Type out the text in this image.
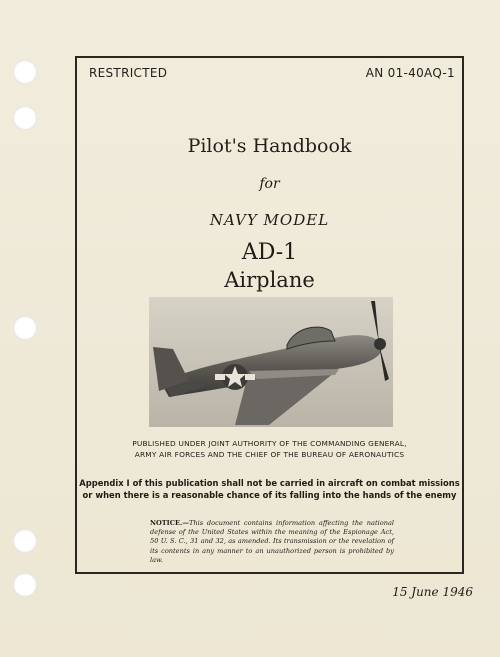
RESTRICTED	AN 01-40AQ-1
Pilot's Handbook
for
NAVY MODEL
AD-1
Airplane
PUBLISHED UNDER JOINT AUTHORITY OF THE COMMANDING GENERAL,
ARMY AIR FORCES AND THE CHIEF OF THE BUREAU OF AERONAUTICS
Appendix I of this publication shall not be carried in aircraft on combat missions
or when there is a reasonable chance of its falling into the hands of the enemy
NOTICE.—This document contains information affecting the national defense of the United States within the meaning of the Espionage Act, 50 U. S. C., 31 and 32, as amended. Its transmission or the revelation of its contents in any manner to an unauthorized person is prohibited by law.
15 June 1946
